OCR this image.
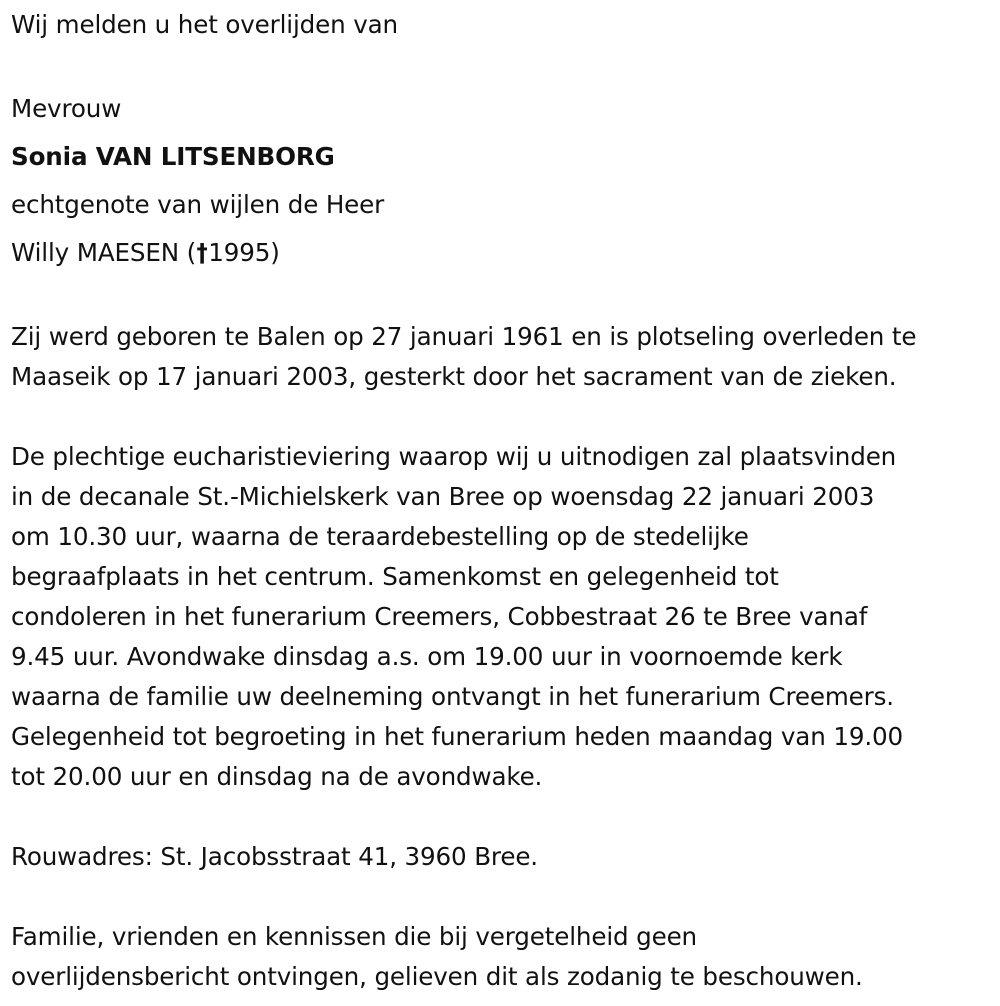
Wij melden u het overlijden van
Mevrouw
Sonia VAN LITSENBORG
echtgenote van wijlen de Heer
Willy MAESEN (†1995)
Zij werd geboren te Balen op 27 januari 1961 en is plotseling overleden te
Maaseik op 17 januari 2003, gesterkt door het sacrament van de zieken.
De plechtige eucharistieviering waarop wij u uitnodigen zal plaatsvinden
in de decanale St.-Michielskerk van Bree op woensdag 22 januari 2003
om 10.30 uur, waarna de teraardebestelling op de stedelijke
begraafplaats in het centrum. Samenkomst en gelegenheid tot
condoleren in het funerarium Creemers, Cobbestraat 26 te Bree vanaf
9.45 uur. Avondwake dinsdag a.s. om 19.00 uur in voornoemde kerk
waarna de familie uw deelneming ontvangt in het funerarium Creemers.
Gelegenheid tot begroeting in het funerarium heden maandag van 19.00
tot 20.00 uur en dinsdag na de avondwake.
Rouwadres: St. Jacobsstraat 41, 3960 Bree.
Familie, vrienden en kennissen die bij vergetelheid geen
overlijdensbericht ontvingen, gelieven dit als zodanig te beschouwen.
